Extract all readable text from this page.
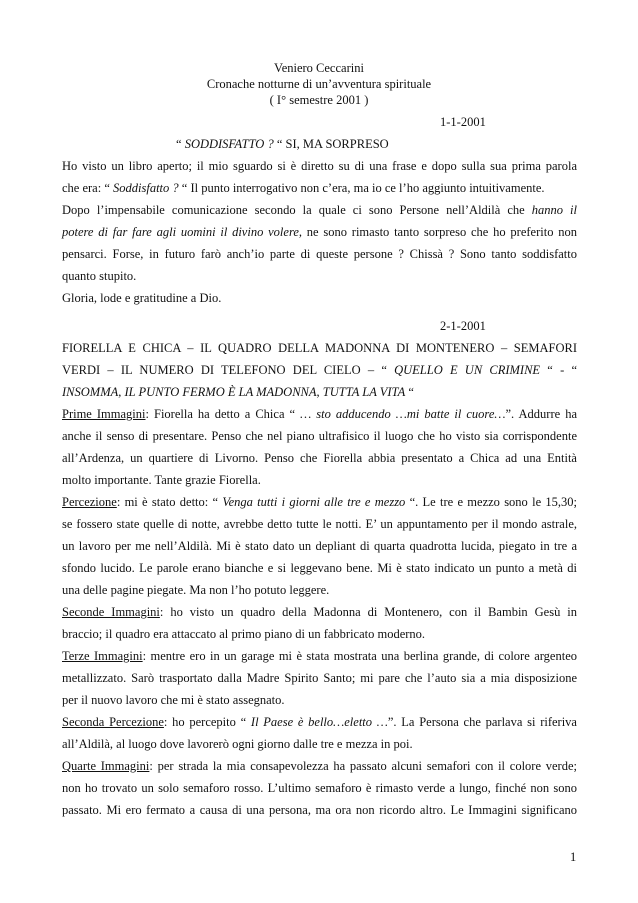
Veniero Ceccarini
Cronache notturne di un’avventura spirituale
( I° semestre 2001 )
1-1-2001
“ SODDISFATTO ? “ SI, MA SORPRESO
Ho visto un libro aperto; il mio sguardo si è diretto su di una frase e dopo sulla sua prima parola
che era: “ Soddisfatto ? “ Il punto interrogativo non c’era, ma io ce l’ho aggiunto intuitivamente.
Dopo l’impensabile comunicazione secondo la quale ci sono Persone nell’Aldilà che hanno il
potere di far fare agli uomini il divino volere, ne sono rimasto tanto sorpreso che ho preferito non
pensarci. Forse, in futuro farò anch’io parte di queste persone ? Chissà ? Sono tanto soddisfatto
quanto stupito.
Gloria, lode e gratitudine a Dio.
2-1-2001
FIORELLA E CHICA – IL QUADRO DELLA MADONNA DI MONTENERO – SEMAFORI
VERDI – IL NUMERO DI TELEFONO DEL CIELO – “ QUELLO E UN CRIMINE “ - “
INSOMMA, IL PUNTO FERMO È LA MADONNA, TUTTA LA VITA “
Prime Immagini: Fiorella ha detto a Chica “ … sto adducendo …mi batte il cuore…”. Addurre ha
anche il senso di presentare. Penso che nel piano ultrafisico il luogo che ho visto sia corrispondente
all’Ardenza, un quartiere di Livorno. Penso che Fiorella abbia presentato a Chica ad una Entità
molto importante. Tante grazie Fiorella.
Percezione: mi è stato detto: “ Venga tutti i giorni alle tre e mezzo “. Le tre e mezzo sono le 15,30;
se fossero state quelle di notte, avrebbe detto tutte le notti. E’ un appuntamento per il mondo astrale,
un lavoro per me nell’Aldilà. Mi è stato dato un depliant di quarta quadrotta lucida, piegato in tre a
sfondo lucido. Le parole erano bianche e si leggevano bene. Mi è stato indicato un punto a metà di
una delle pagine piegate. Ma non l’ho potuto leggere.
Seconde Immagini: ho visto un quadro della Madonna di Montenero, con il Bambin Gesù in
braccio; il quadro era attaccato al primo piano di un fabbricato moderno.
Terze Immagini: mentre ero in un garage mi è stata mostrata una berlina grande, di colore argenteo
metallizzato. Sarò trasportato dalla Madre Spirito Santo; mi pare che l’auto sia a mia disposizione
per il nuovo lavoro che mi è stato assegnato.
Seconda Percezione: ho percepito “ Il Paese è bello…eletto …”. La Persona che parlava si riferiva
all’Aldilà, al luogo dove lavorerò ogni giorno dalle tre e mezza in poi.
Quarte Immagini: per strada la mia consapevolezza ha passato alcuni semafori con il colore verde;
non ho trovato un solo semaforo rosso. L’ultimo semaforo è rimasto verde a lungo, finché non sono
passato. Mi ero fermato a causa di una persona, ma ora non ricordo altro. Le Immagini significano
1
